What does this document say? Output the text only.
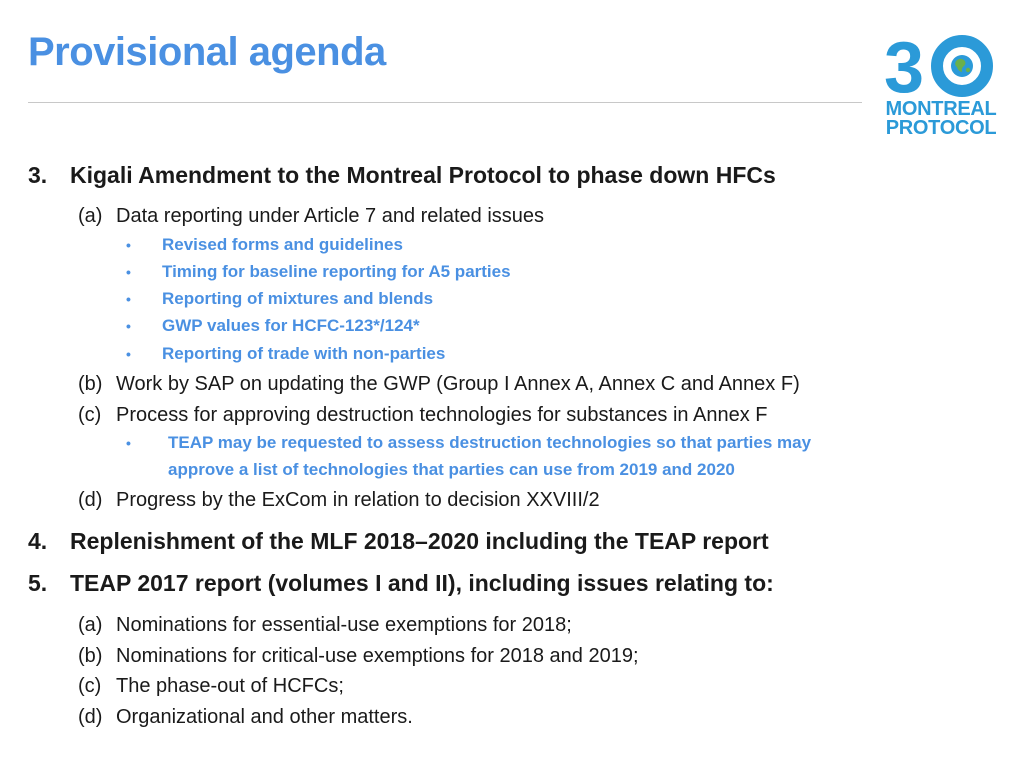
Provisional agenda	3
MONTREAL
PROTOCOL
3. Kigali Amendment to the Montreal Protocol to phase down HFCs
(a) Data reporting under Article 7 and related issues
• Revised forms and guidelines
• Timing for baseline reporting for A5 parties
• Reporting of mixtures and blends
• GWP values for HCFC-123*/124*
• Reporting of trade with non-parties
(b) Work by SAP on updating the GWP (Group I Annex A, Annex C and Annex F)
(c) Process for approving destruction technologies for substances in Annex F
• TEAP may be requested to assess destruction technologies so that parties may
approve a list of technologies that parties can use from 2019 and 2020
(d) Progress by the ExCom in relation to decision XXVIII/2
4. Replenishment of the MLF 2018–2020 including the TEAP report
5. TEAP 2017 report (volumes I and II), including issues relating to:
(a) Nominations for essential-use exemptions for 2018;
(b) Nominations for critical-use exemptions for 2018 and 2019;
(c) The phase-out of HCFCs;
(d) Organizational and other matters.
